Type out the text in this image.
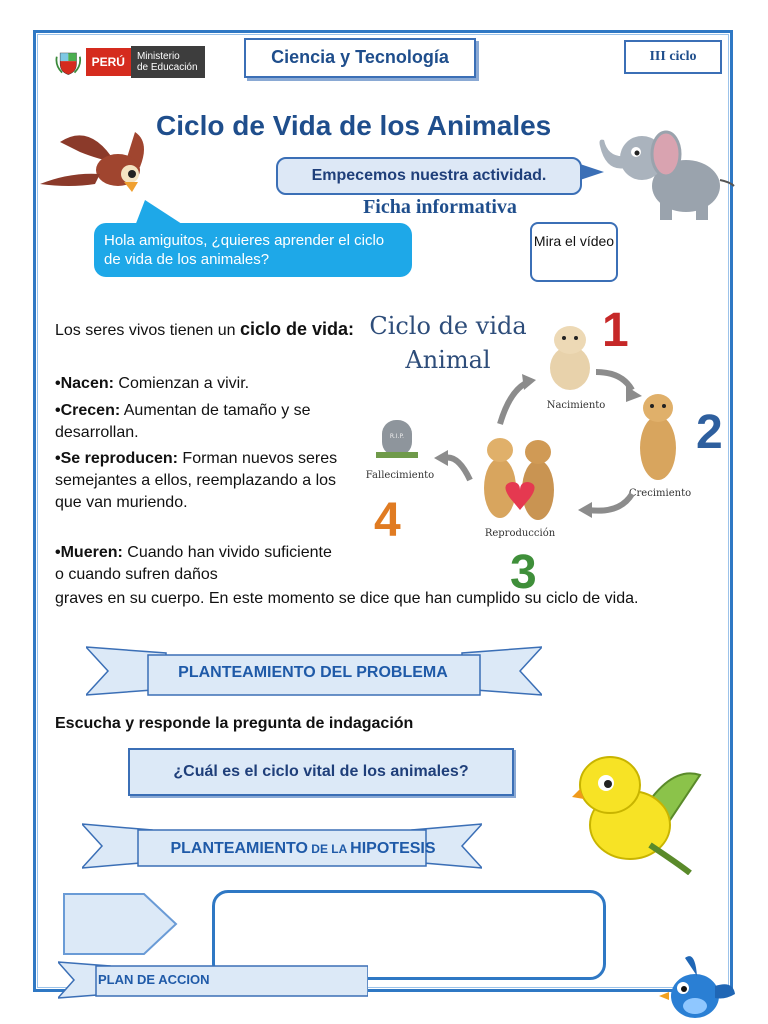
PERÚ	Ministerio
de Educación
Ciencia y Tecnología	III ciclo
Ciclo de Vida de los Animales
Empecemos nuestra actividad.
Ficha informativa
Hola amiguitos, ¿quieres aprender el ciclo de vida de los animales?
Mira el vídeo
Los seres vivos tienen un ciclo de vida:
•Nacen: Comienzan a vivir.
•Crecen: Aumentan de tamaño y se desarrollan.
•Se reproducen: Forman nuevos seres semejantes a ellos, reemplazando a los que van muriendo.
•Mueren: Cuando han vivido suficiente o cuando sufren daños
graves en su cuerpo. En este momento se dice que han cumplido su ciclo de vida.
Ciclo de vida
Animal
Nacimiento
1
Crecimiento
2
Reproducción
3
R.I.P.
Fallecimiento
4
PLANTEAMIENTO DEL PROBLEMA
Escucha y responde la pregunta de indagación
¿Cuál es el ciclo vital de los animales?
PLANTEAMIENTO DE LA HIPOTESIS
PLAN DE ACCION
